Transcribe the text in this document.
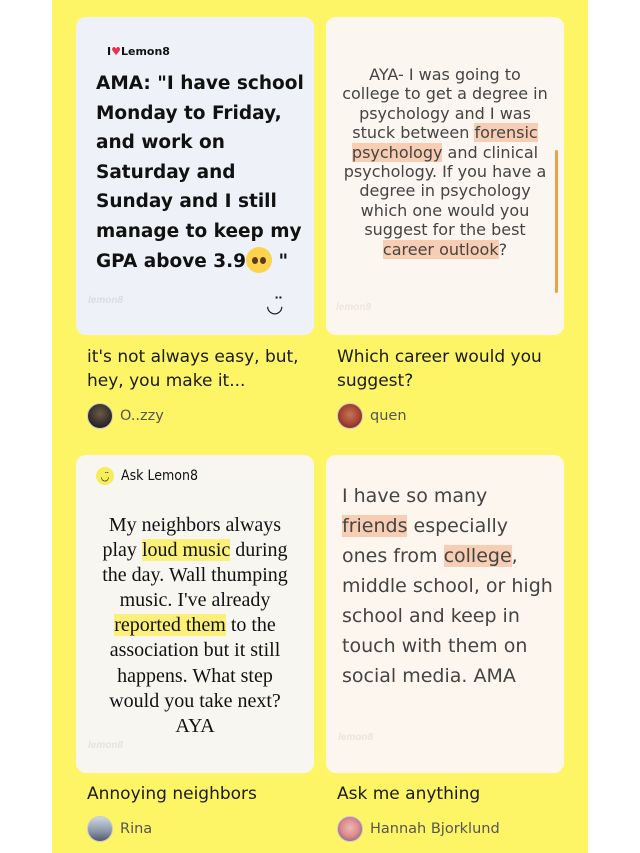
I♥Lemon8
AMA: "I have school Monday to Friday, and work on Saturday and Sunday and I still manage to keep my GPA above 3.9 "
lemon8	◡̈
it's not always easy, but, hey, you make it...
O..zzy
AYA- I was going to college to get a degree in psychology and I was stuck between forensic psychology and clinical psychology. If you have a degree in psychology which one would you suggest for the best career outlook?
lemon8
Which career would you suggest?
quen
◡̈ Ask Lemon8
My neighbors always play loud music during the day. Wall thumping music. I've already reported them to the association but it still happens. What step would you take next? AYA
lemon8
Annoying neighbors
Rina
I have so many friends especially ones from college, middle school, or high school and keep in touch with them on social media. AMA
lemon8
Ask me anything
Hannah Bjorklund
